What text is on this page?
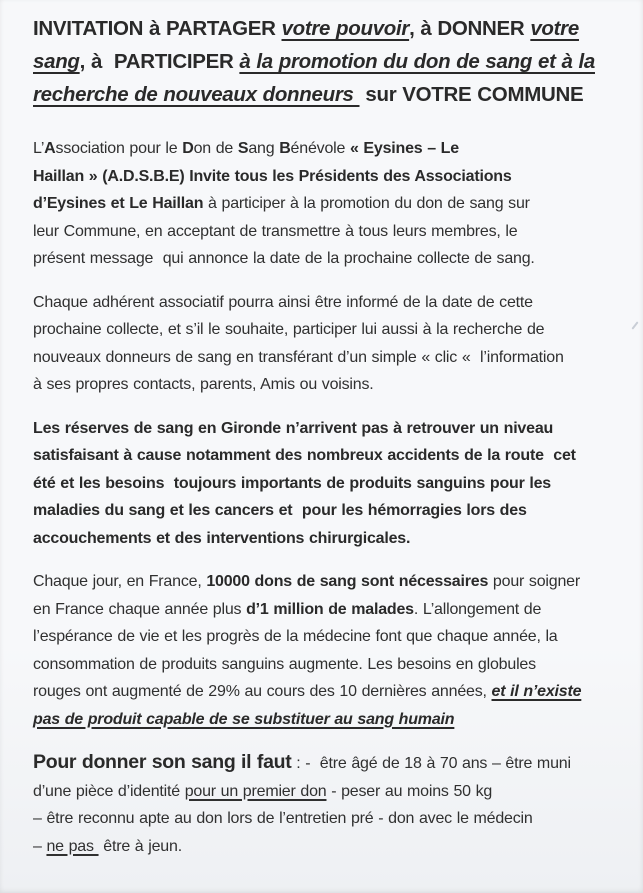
INVITATION à PARTAGER votre pouvoir, à DONNER votre
sang, à  PARTICIPER à la promotion du don de sang et à la
recherche de nouveaux donneurs  sur VOTRE COMMUNE

L’Association pour le Don de Sang Bénévole « Eysines – Le
Haillan » (A.D.S.B.E) Invite tous les Présidents des Associations
d’Eysines et Le Haillan à participer à la promotion du don de sang sur
leur Commune, en acceptant de transmettre à tous leurs membres, le
présent message  qui annonce la date de la prochaine collecte de sang.

Chaque adhérent associatif pourra ainsi être informé de la date de cette
prochaine collecte, et s’il le souhaite, participer lui aussi à la recherche de
nouveaux donneurs de sang en transférant d’un simple « clic «  l’information
à ses propres contacts, parents, Amis ou voisins.

Les réserves de sang en Gironde n’arrivent pas à retrouver un niveau
satisfaisant à cause notamment des nombreux accidents de la route  cet
été et les besoins  toujours importants de produits sanguins pour les
maladies du sang et les cancers et  pour les hémorragies lors des
accouchements et des interventions chirurgicales.

Chaque jour, en France, 10000 dons de sang sont nécessaires pour soigner
en France chaque année plus d’1 million de malades. L’allongement de
l’espérance de vie et les progrès de la médecine font que chaque année, la
consommation de produits sanguins augmente. Les besoins en globules
rouges ont augmenté de 29% au cours des 10 dernières années, et il n’existe
pas de produit capable de se substituer au sang humain

Pour donner son sang il faut : -  être âgé de 18 à 70 ans – être muni
d’une pièce d’identité pour un premier don - peser au moins 50 kg
– être reconnu apte au don lors de l’entretien pré - don avec le médecin
– ne pas  être à jeun.
